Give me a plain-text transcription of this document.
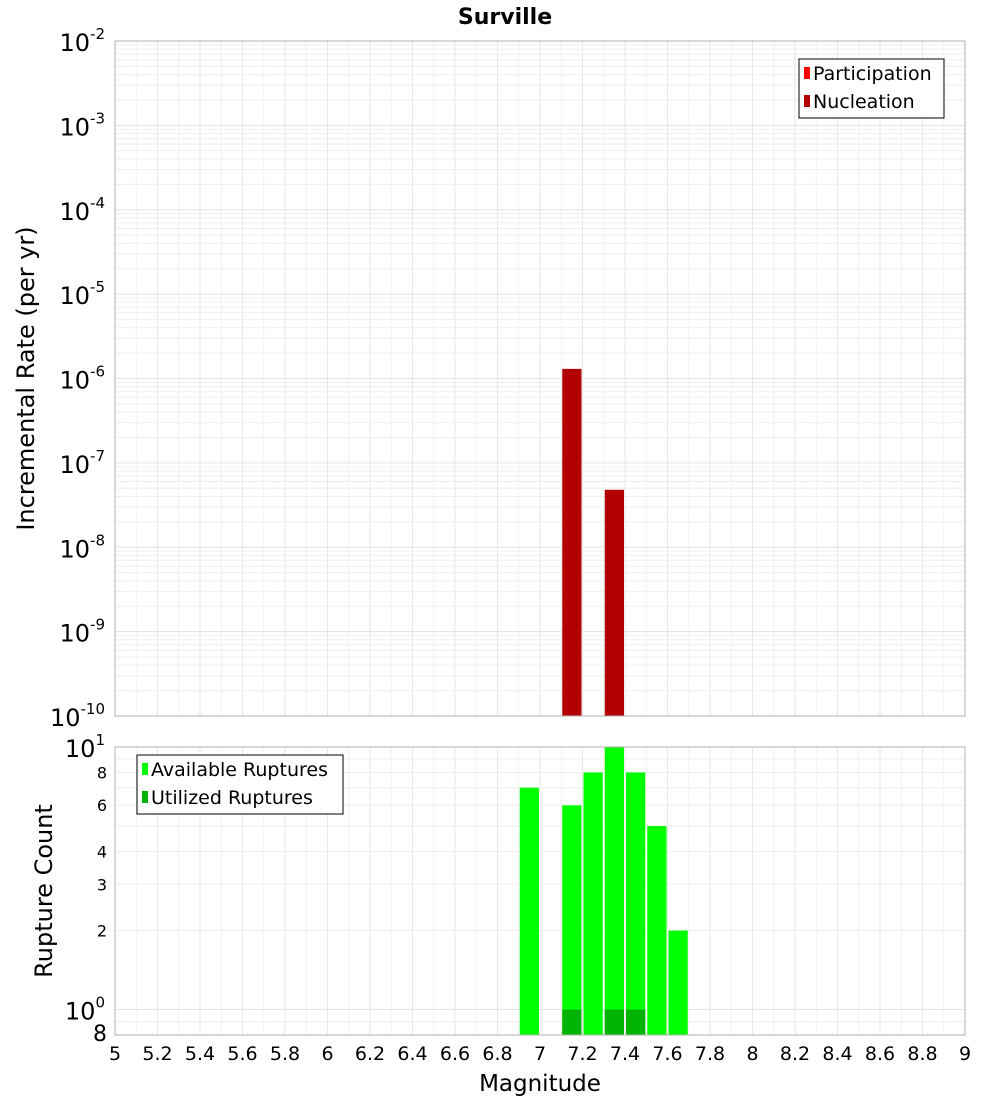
$10^{-10}$
$10^{-9}$
$10^{-8}$
$10^{-7}$
$10^{-6}$
$10^{-5}$
$10^{-4}$
$10^{-3}$
$10^{-2}$
Incremental Rate (per yr)
Participation
Nucleation
Surville
8
$10^0$
2
3
4
6
8
$10^1$
Rupture Count
Available Ruptures
Utilized Ruptures
5 5.2 5.4 5.6 5.8 6 6.2 6.4 6.6 6.8 7 7.2 7.4 7.6 7.8 8 8.2 8.4 8.6 8.8 9
Magnitude
